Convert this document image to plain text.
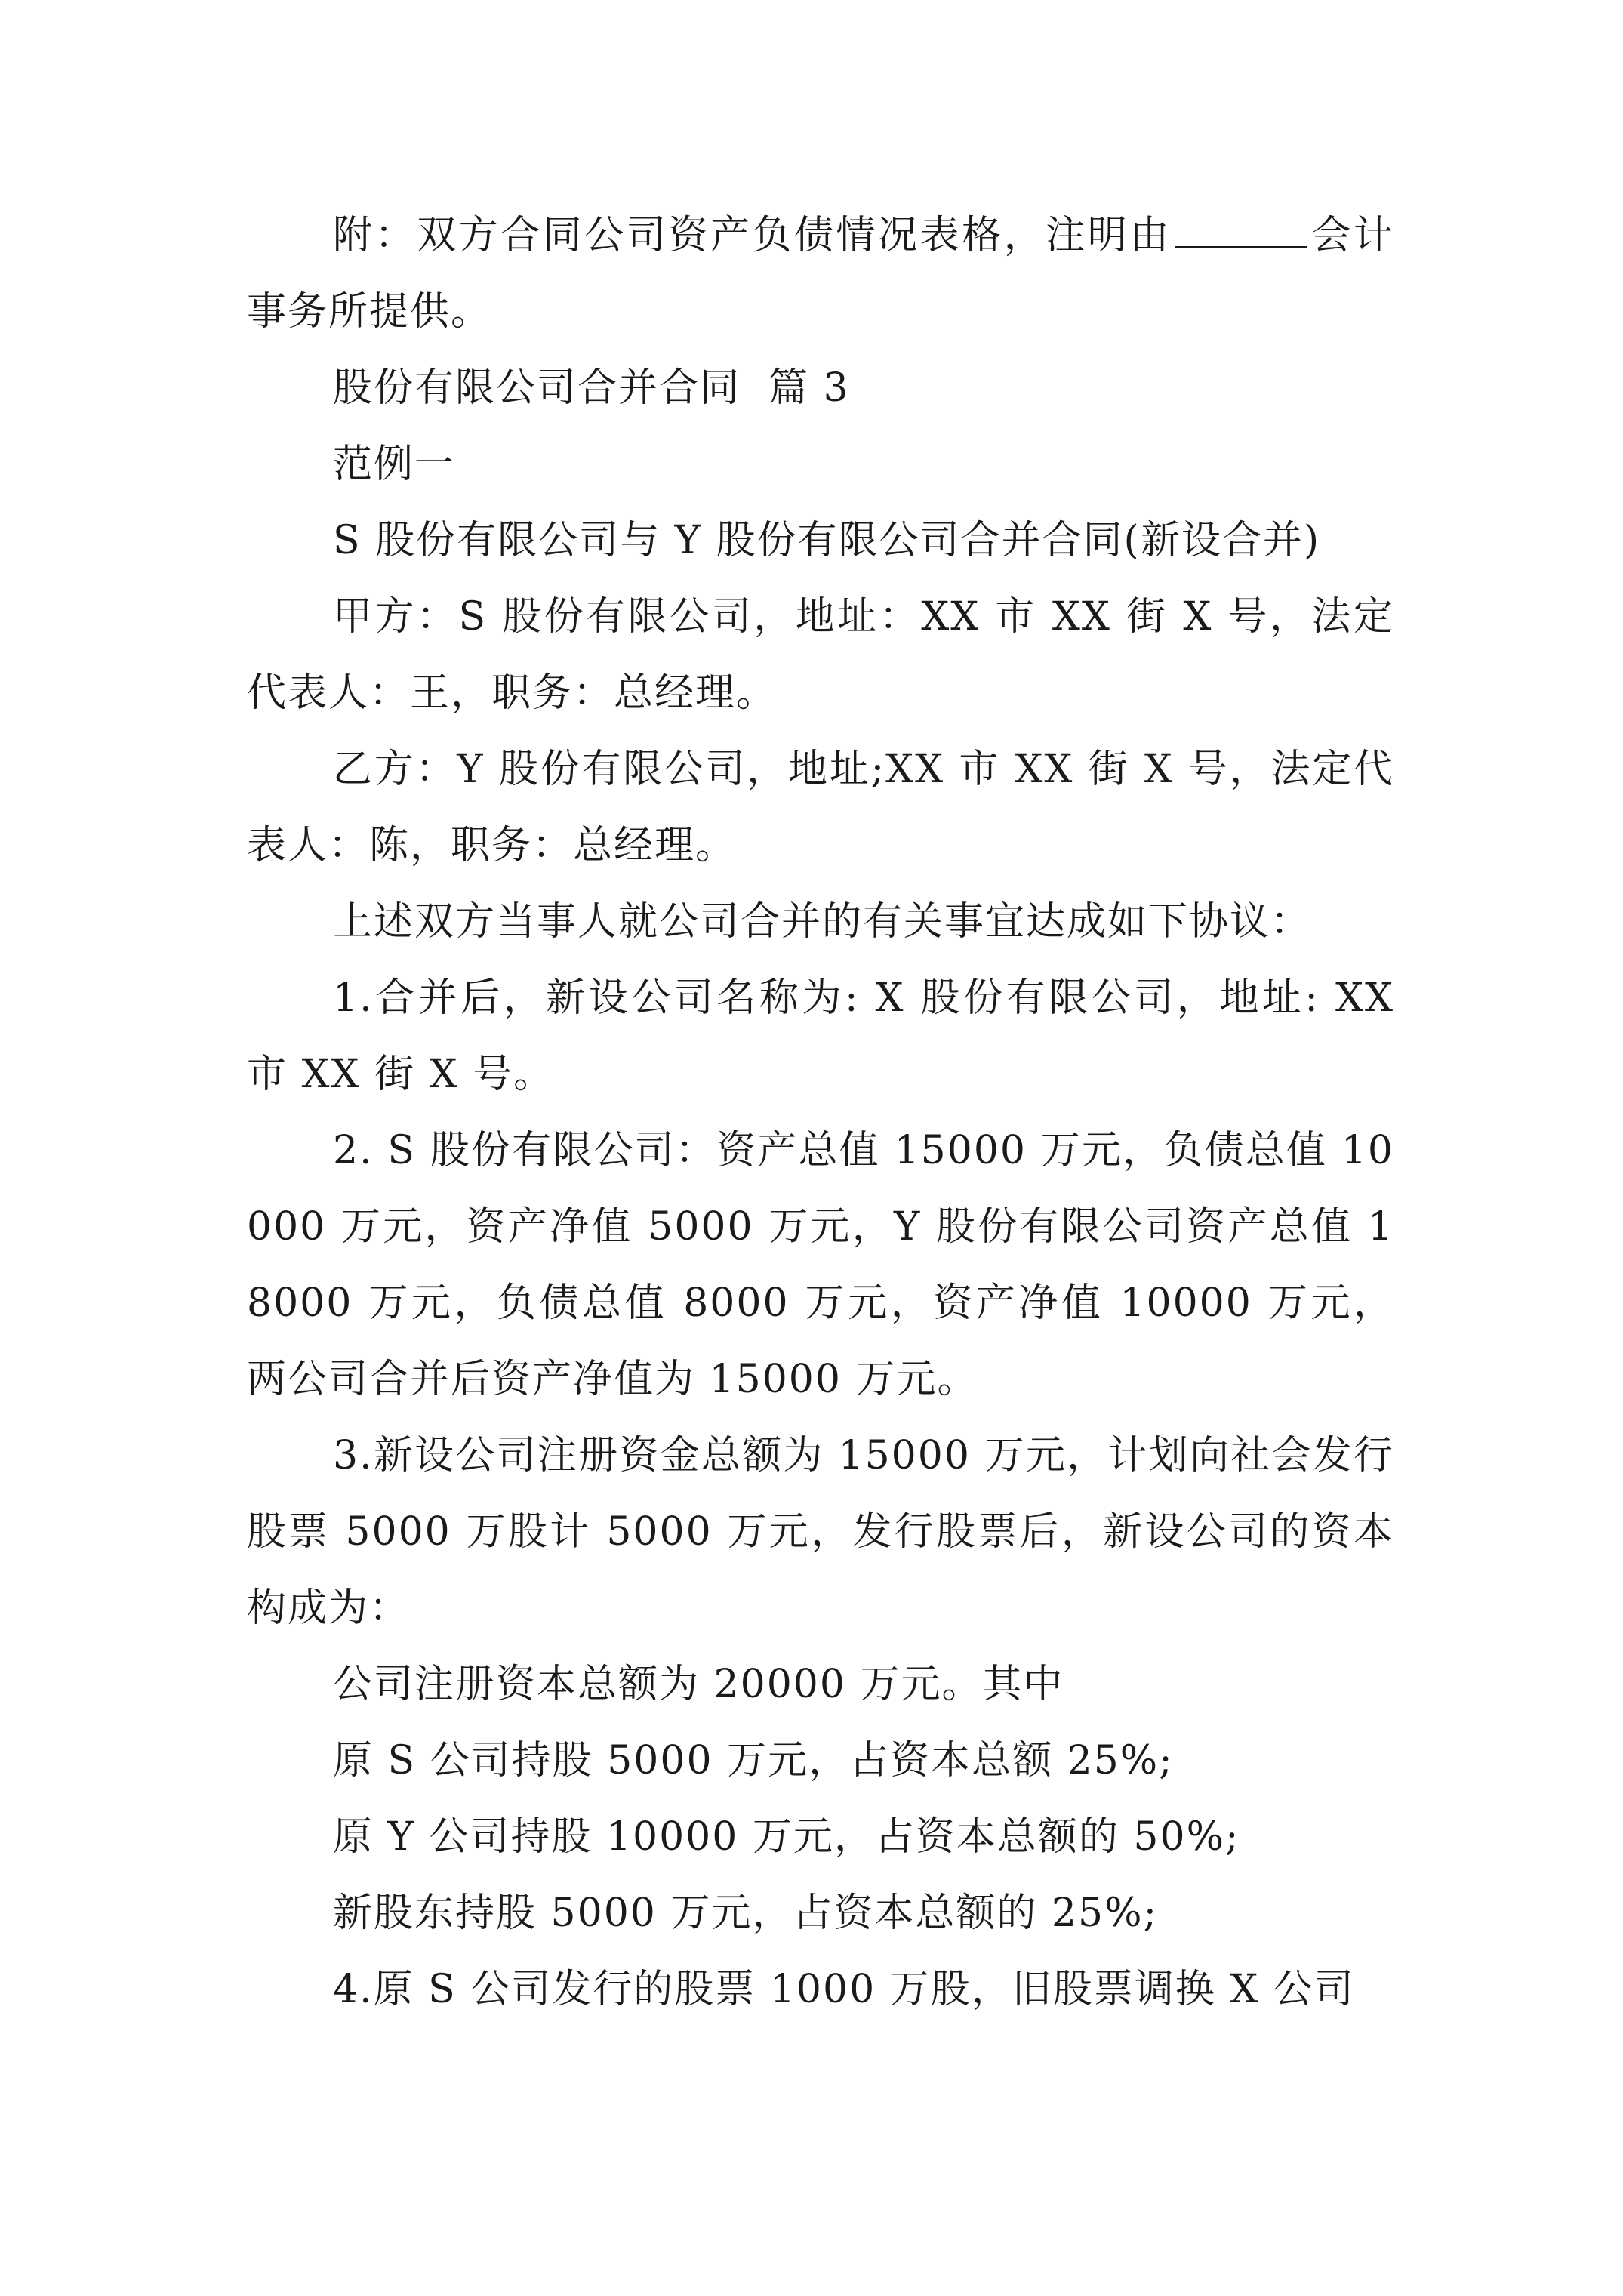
附：双方合同公司资产负债情况表格，注明由	会计事务所提供。

股份有限公司合并合同  篇 3

范例一

S 股份有限公司与 Y 股份有限公司合并合同(新设合并)

甲方：S 股份有限公司，地址：XX 市 XX 街 X 号，法定代表人：王，职务：总经理。

乙方：Y 股份有限公司，地址;XX 市 XX 街 X 号，法定代表人：陈，职务：总经理。

上述双方当事人就公司合并的有关事宜达成如下协议：

1.合并后，新设公司名称为: X 股份有限公司，地址: XX 市 XX 街 X 号。

2. S 股份有限公司：资产总值 15000 万元，负债总值 10000 万元，资产净值 5000 万元，Y 股份有限公司资产总值 18000 万元，负债总值 8000 万元，资产净值 10000 万元，两公司合并后资产净值为 15000 万元。

3.新设公司注册资金总额为 15000 万元，计划向社会发行股票 5000 万股计 5000 万元，发行股票后，新设公司的资本构成为：

公司注册资本总额为 20000 万元。其中

原 S 公司持股 5000 万元，占资本总额 25%;

原 Y 公司持股 10000 万元，占资本总额的 50%;

新股东持股 5000 万元，占资本总额的 25%;

4.原 S 公司发行的股票 1000 万股，旧股票调换 X 公司
